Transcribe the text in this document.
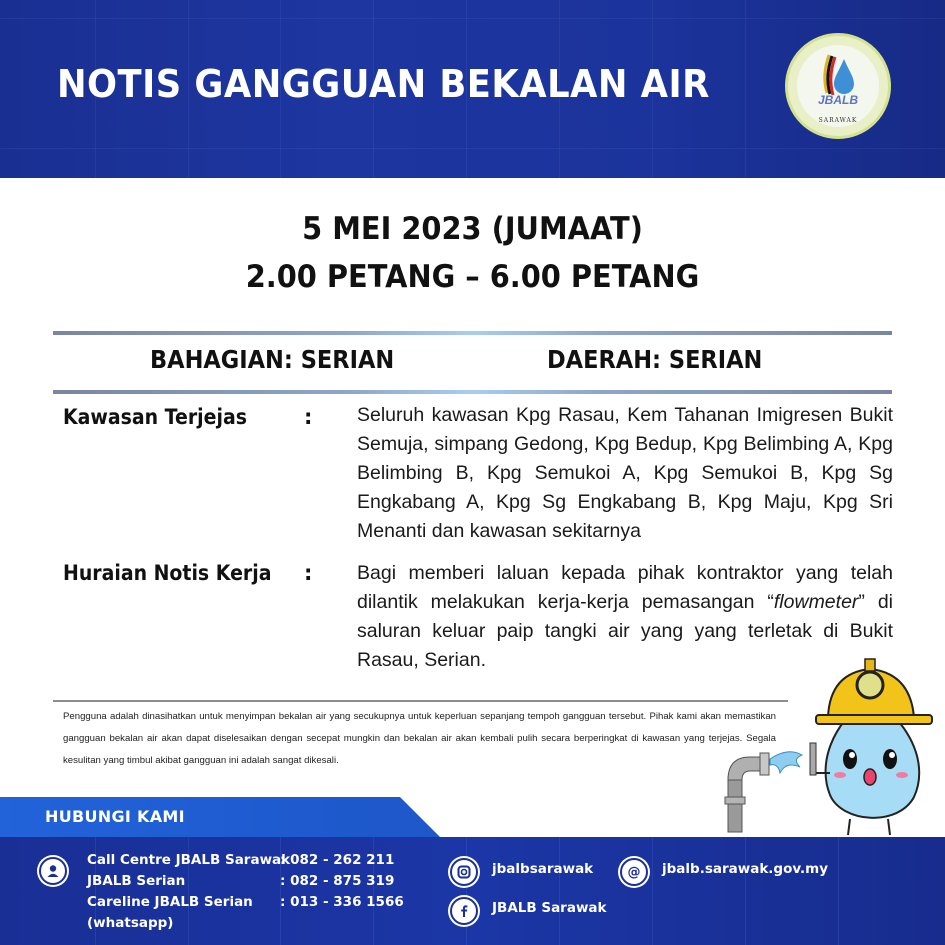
NOTIS GANGGUAN BEKALAN AIR	JBALB
SARAWAK
5 MEI 2023 (JUMAAT)
2.00 PETANG – 6.00 PETANG
BAHAGIAN: SERIAN	DAERAH: SERIAN
Kawasan Terjejas	: Seluruh kawasan Kpg Rasau, Kem Tahanan Imigresen Bukit Semuja, simpang Gedong, Kpg Bedup, Kpg Belimbing A, Kpg Belimbing B, Kpg Semukoi A, Kpg Semukoi B, Kpg Sg Engkabang A, Kpg Sg Engkabang B, Kpg Maju, Kpg Sri Menanti dan kawasan sekitarnya
Huraian Notis Kerja : Bagi memberi laluan kepada pihak kontraktor yang telah dilantik melakukan kerja-kerja pemasangan “flowmeter” di saluran keluar paip tangki air yang yang terletak di Bukit Rasau, Serian.
Pengguna adalah dinasihatkan untuk menyimpan bekalan air yang secukupnya untuk keperluan sepanjang tempoh gangguan tersebut. Pihak kami akan memastikan gangguan bekalan air akan dapat diselesaikan dengan secepat mungkin dan bekalan air akan kembali pulih secara berperingkat di kawasan yang terjejas. Segala kesulitan yang timbul akibat gangguan ini adalah sangat dikesali.
HUBUNGI KAMI
Call Centre JBALB Sarawak
: 082 - 262 211
JBALB Serian	: 082 - 875 319
Careline JBALB Serian : 013 - 336 1566
(whatsapp)
jbalbsarawak
JBALB Sarawak
@ jbalb.sarawak.gov.my
